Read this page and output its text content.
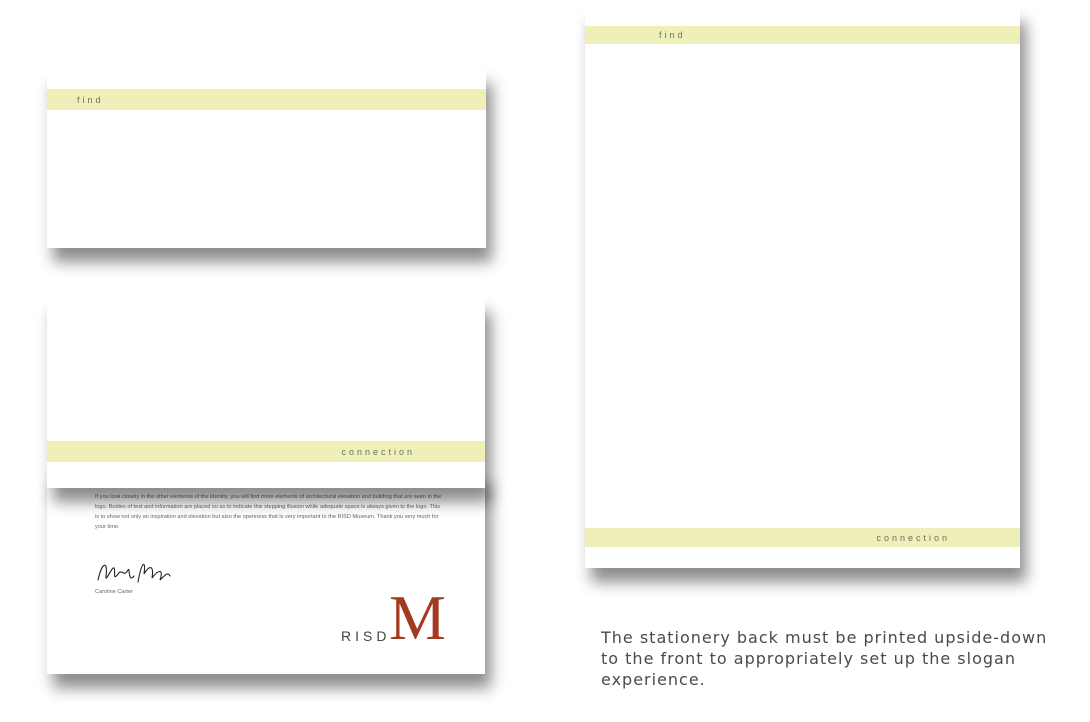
find
connection
If you look closely in the other elements of the identity, you will find more elements of architectural elevation and building that are seen in the logo. Bodies of text and information are placed so as to indicate this stepping illusion while adequate space is always given to the logo. This is to show not only an inspiration and elevation but also the openness that is very important to the RISD Museum. Thank you very much for your time.
Caroline Carter
RISD
M
find
connection
The stationery back must be printed upside-down to the front to appropriately set up the slogan experience.
